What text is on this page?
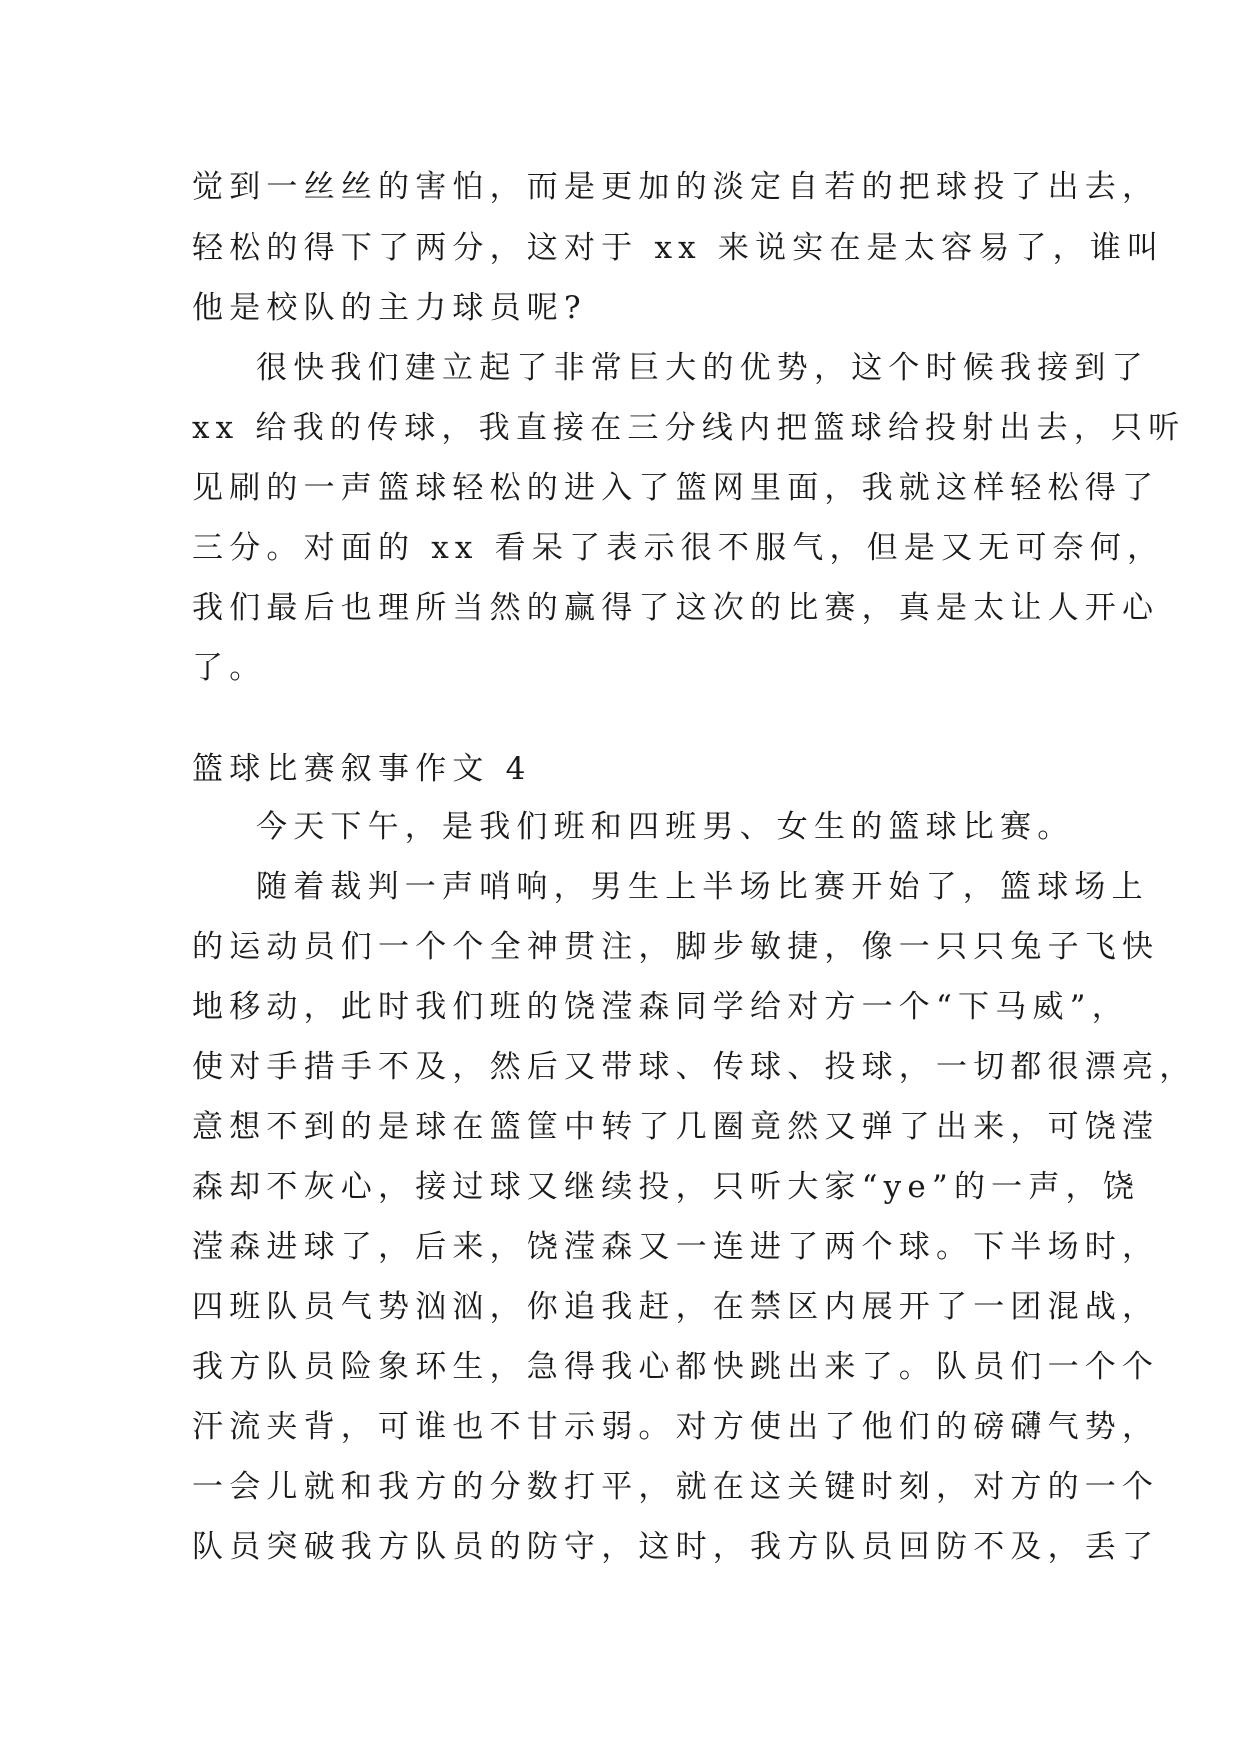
觉到一丝丝的害怕，而是更加的淡定自若的把球投了出去，
轻松的得下了两分，这对于 xx 来说实在是太容易了，谁叫
他是校队的主力球员呢?
很快我们建立起了非常巨大的优势，这个时候我接到了
xx 给我的传球，我直接在三分线内把篮球给投射出去，只听
见刷的一声篮球轻松的进入了篮网里面，我就这样轻松得了
三分。对面的 xx 看呆了表示很不服气，但是又无可奈何，
我们最后也理所当然的赢得了这次的比赛，真是太让人开心
了。
篮球比赛叙事作文 4
今天下午，是我们班和四班男、女生的篮球比赛。
随着裁判一声哨响，男生上半场比赛开始了，篮球场上
的运动员们一个个全神贯注，脚步敏捷，像一只只兔子飞快
地移动，此时我们班的饶滢森同学给对方一个“下马威”，
使对手措手不及，然后又带球、传球、投球，一切都很漂亮，
意想不到的是球在篮筐中转了几圈竟然又弹了出来，可饶滢
森却不灰心，接过球又继续投，只听大家“ye”的一声，饶
滢森进球了，后来，饶滢森又一连进了两个球。下半场时，
四班队员气势汹汹，你追我赶，在禁区内展开了一团混战，
我方队员险象环生，急得我心都快跳出来了。队员们一个个
汗流夹背，可谁也不甘示弱。对方使出了他们的磅礴气势，
一会儿就和我方的分数打平，就在这关键时刻，对方的一个
队员突破我方队员的防守，这时，我方队员回防不及，丢了
